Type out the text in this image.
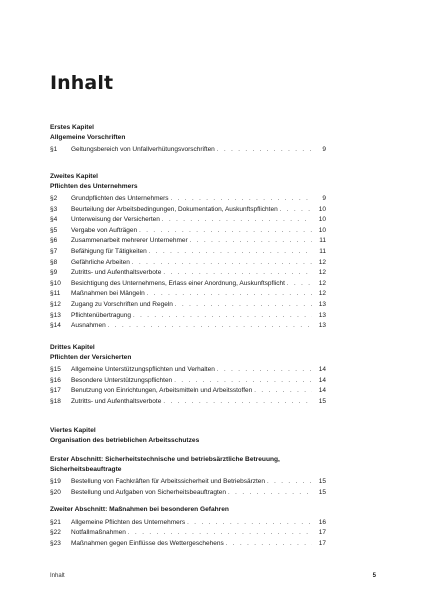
Inhalt
Erstes Kapitel
Allgemeine Vorschriften
§1	Geltungsbereich von Unfallverhütungsvorschriften . . .	9
Zweites Kapitel
Pflichten des Unternehmers
§2	Grundpflichten des Unternehmers . . .	9
§3	Beurteilung der Arbeitsbedingungen, Dokumentation, Auskunftspflichten . . .	10
§4	Unterweisung der Versicherten . . .	10
§5	Vergabe von Aufträgen . . .	10
§6	Zusammenarbeit mehrerer Unternehmer . . .	11
§7	Befähigung für Tätigkeiten . . .	11
§8	Gefährliche Arbeiten . . .	12
§9	Zutritts- und Aufenthaltsverbote . . .	12
§10	Besichtigung des Unternehmens, Erlass einer Anordnung, Auskunftspflicht . . .	12
§11	Maßnahmen bei Mängeln . . .	12
§12	Zugang zu Vorschriften und Regeln . . .	13
§13	Pflichtenübertragung . . .	13
§14	Ausnahmen . . .	13
Drittes Kapitel
Pflichten der Versicherten
§15	Allgemeine Unterstützungspflichten und Verhalten . . .	14
§16	Besondere Unterstützungspflichten . . .	14
§17	Benutzung von Einrichtungen, Arbeitsmitteln und Arbeitsstoffen . . .	14
§18	Zutritts- und Aufenthaltsverbote . . .	15
Viertes Kapitel
Organisation des betrieblichen Arbeitsschutzes
Erster Abschnitt: Sicherheitstechnische und betriebsärztliche Betreuung, Sicherheitsbeauftragte
§19	Bestellung von Fachkräften für Arbeitssicherheit und Betriebsärzten . . .	15
§20	Bestellung und Aufgaben von Sicherheitsbeauftragten . . .	15
Zweiter Abschnitt: Maßnahmen bei besonderen Gefahren
§21	Allgemeine Pflichten des Unternehmers . . .	16
§22	Notfallmaßnahmen . . .	17
§23	Maßnahmen gegen Einflüsse des Wettergeschehens . . .	17
Inhalt	5
